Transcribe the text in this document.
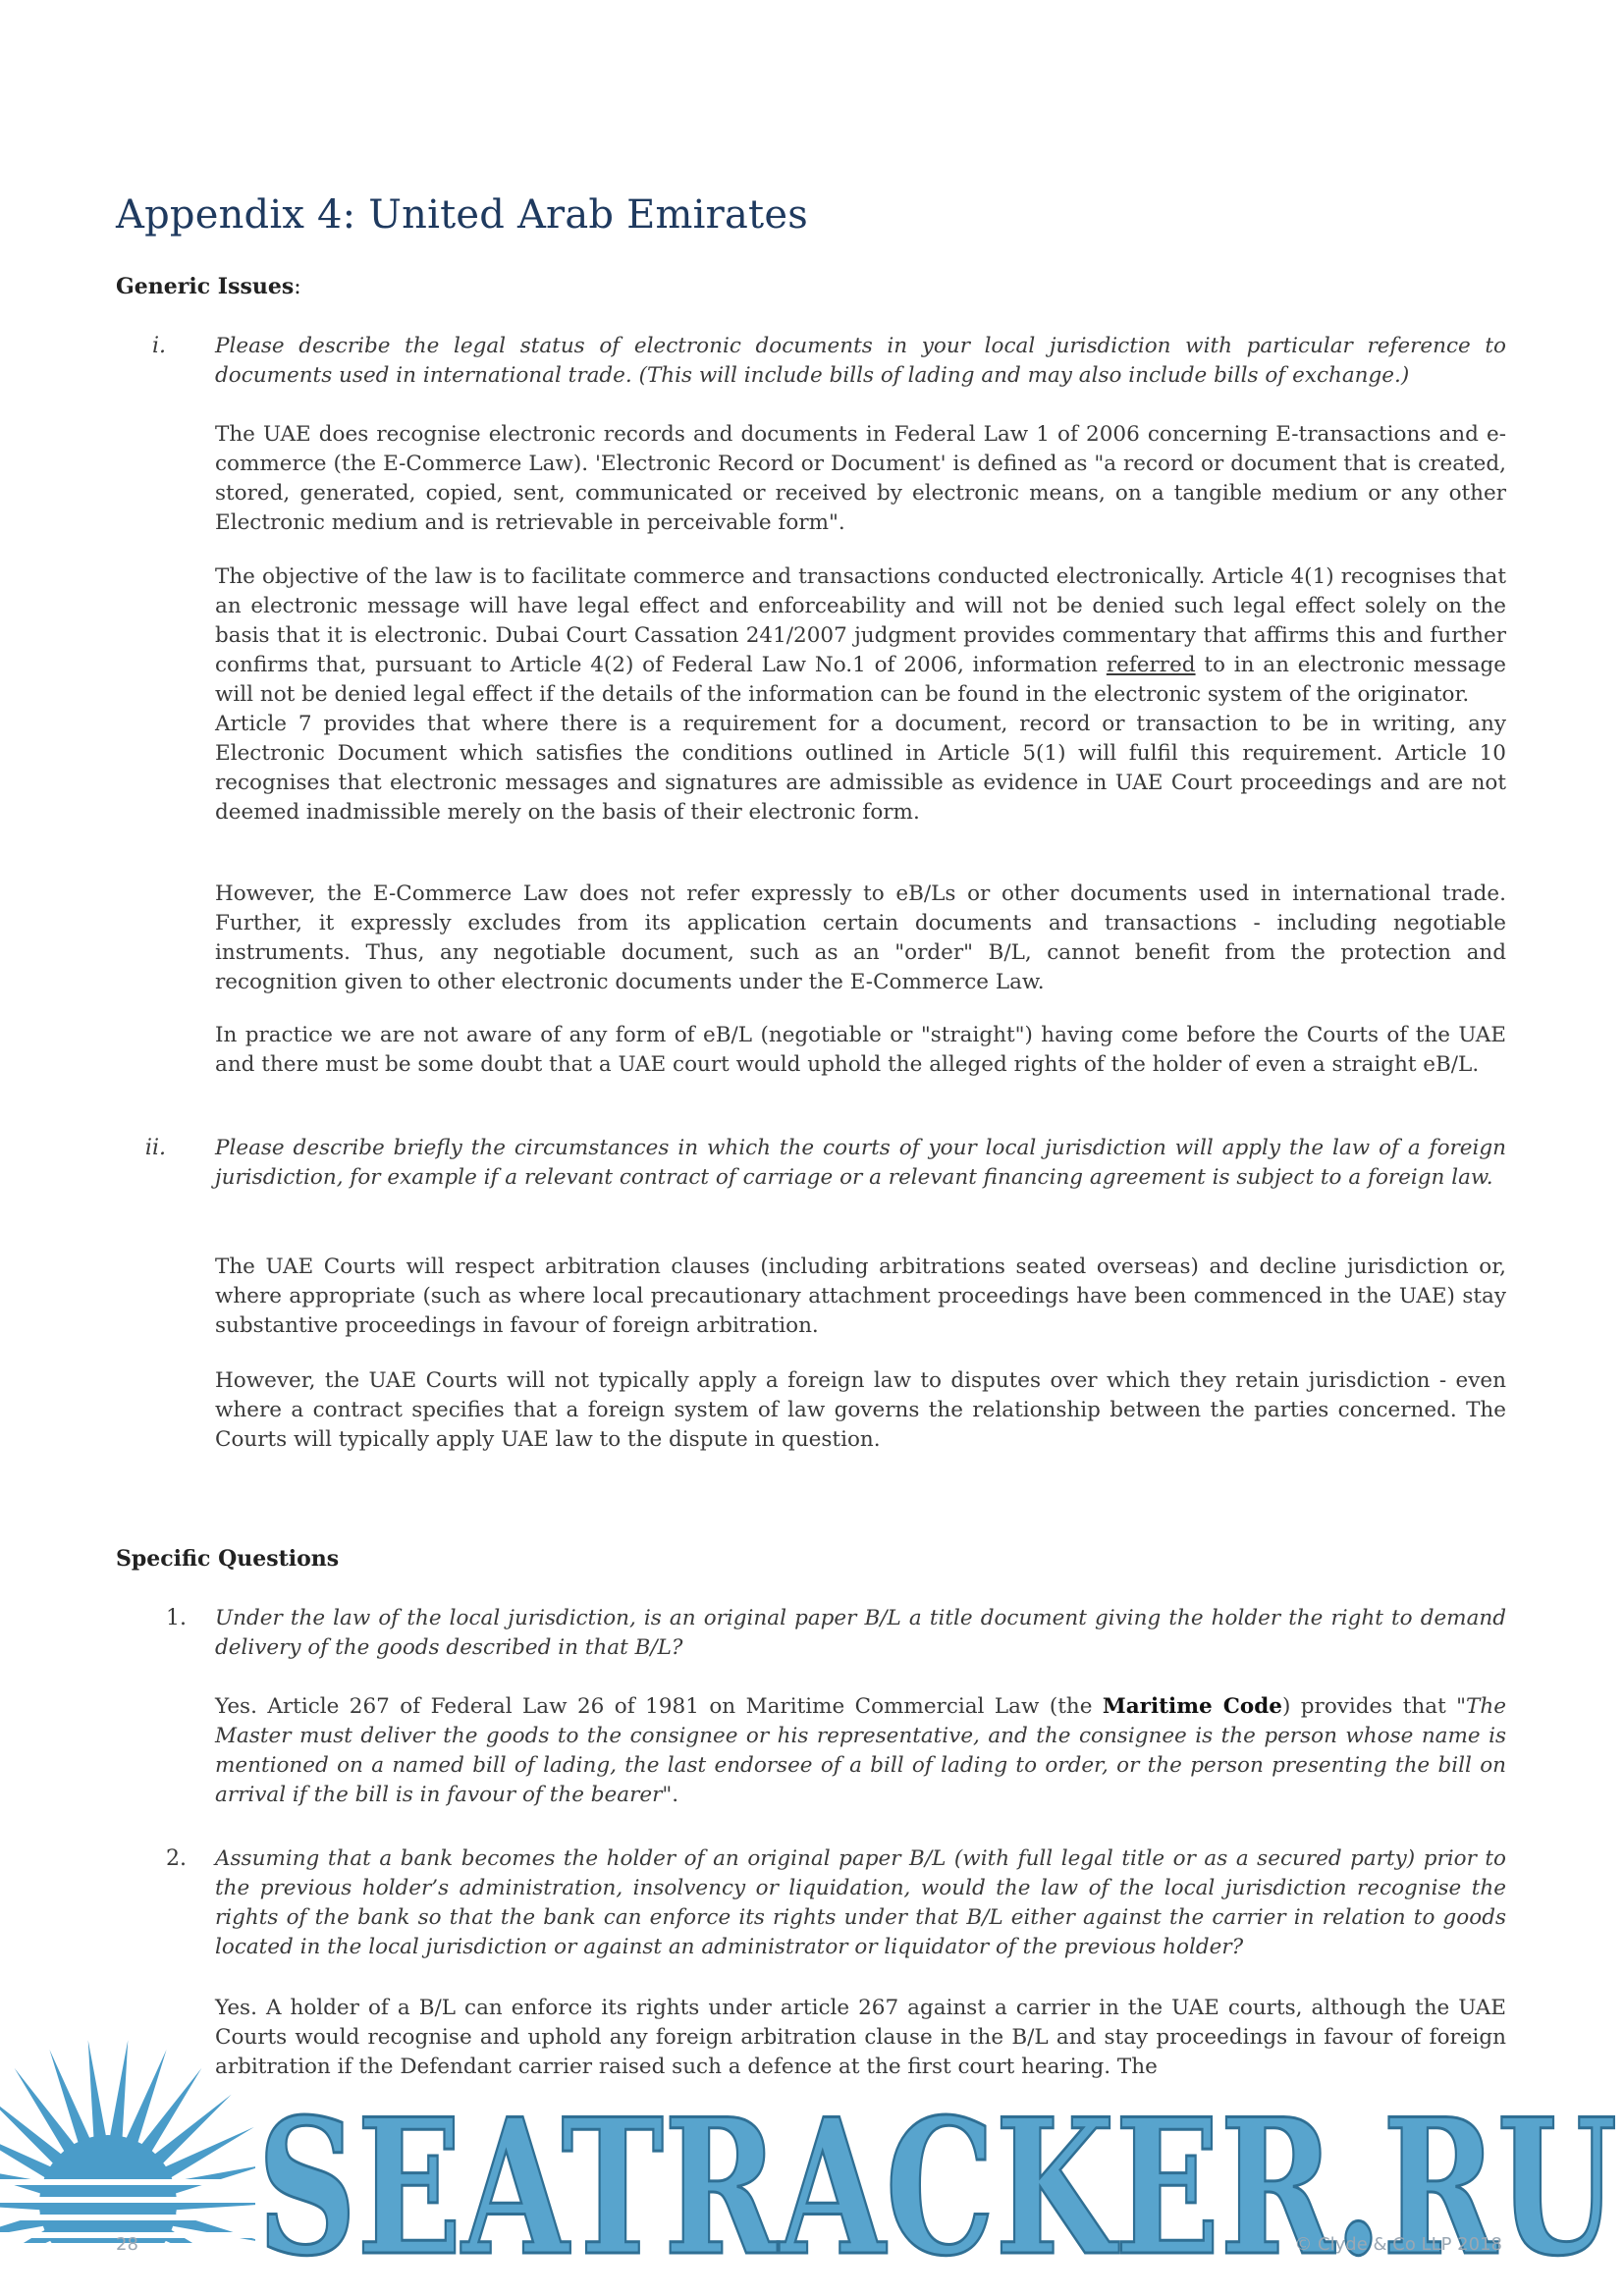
Appendix 4: United Arab Emirates

Generic Issues:

i. Please describe the legal status of electronic documents in your local jurisdiction with particular reference to documents used in international trade. (This will include bills of lading and may also include bills of exchange.)

The UAE does recognise electronic records and documents in Federal Law 1 of 2006 concerning E-transactions and e-commerce (the E-Commerce Law). 'Electronic Record or Document' is defined as "a record or document that is created, stored, generated, copied, sent, communicated or received by electronic means, on a tangible medium or any other Electronic medium and is retrievable in perceivable form".

The objective of the law is to facilitate commerce and transactions conducted electronically. Article 4(1) recognises that an electronic message will have legal effect and enforceability and will not be denied such legal effect solely on the basis that it is electronic. Dubai Court Cassation 241/2007 judgment provides commentary that affirms this and further confirms that, pursuant to Article 4(2) of Federal Law No.1 of 2006, information referred to in an electronic message will not be denied legal effect if the details of the information can be found in the electronic system of the originator.
Article 7 provides that where there is a requirement for a document, record or transaction to be in writing, any Electronic Document which satisfies the conditions outlined in Article 5(1) will fulfil this requirement. Article 10 recognises that electronic messages and signatures are admissible as evidence in UAE Court proceedings and are not deemed inadmissible merely on the basis of their electronic form.

However, the E-Commerce Law does not refer expressly to eB/Ls or other documents used in international trade. Further, it expressly excludes from its application certain documents and transactions - including negotiable instruments. Thus, any negotiable document, such as an "order" B/L, cannot benefit from the protection and recognition given to other electronic documents under the E-Commerce Law.

In practice we are not aware of any form of eB/L (negotiable or "straight") having come before the Courts of the UAE and there must be some doubt that a UAE court would uphold the alleged rights of the holder of even a straight eB/L.

ii. Please describe briefly the circumstances in which the courts of your local jurisdiction will apply the law of a foreign jurisdiction, for example if a relevant contract of carriage or a relevant financing agreement is subject to a foreign law.

The UAE Courts will respect arbitration clauses (including arbitrations seated overseas) and decline jurisdiction or, where appropriate (such as where local precautionary attachment proceedings have been commenced in the UAE) stay substantive proceedings in favour of foreign arbitration.

However, the UAE Courts will not typically apply a foreign law to disputes over which they retain jurisdiction - even where a contract specifies that a foreign system of law governs the relationship between the parties concerned. The Courts will typically apply UAE law to the dispute in question.

Specific Questions

1. Under the law of the local jurisdiction, is an original paper B/L a title document giving the holder the right to demand delivery of the goods described in that B/L?

Yes. Article 267 of Federal Law 26 of 1981 on Maritime Commercial Law (the Maritime Code) provides that "The Master must deliver the goods to the consignee or his representative, and the consignee is the person whose name is mentioned on a named bill of lading, the last endorsee of a bill of lading to order, or the person presenting the bill on arrival if the bill is in favour of the bearer".

2. Assuming that a bank becomes the holder of an original paper B/L (with full legal title or as a secured party) prior to the previous holder’s administration, insolvency or liquidation, would the law of the local jurisdiction recognise the rights of the bank so that the bank can enforce its rights under that B/L either against the carrier in relation to goods located in the local jurisdiction or against an administrator or liquidator of the previous holder?

Yes. A holder of a B/L can enforce its rights under article 267 against a carrier in the UAE courts, although the UAE Courts would recognise and uphold any foreign arbitration clause in the B/L and stay proceedings in favour of foreign arbitration if the Defendant carrier raised such a defence at the first court hearing. The

SEATRACKER.RU
28	© Clyde & Co LLP 2018
